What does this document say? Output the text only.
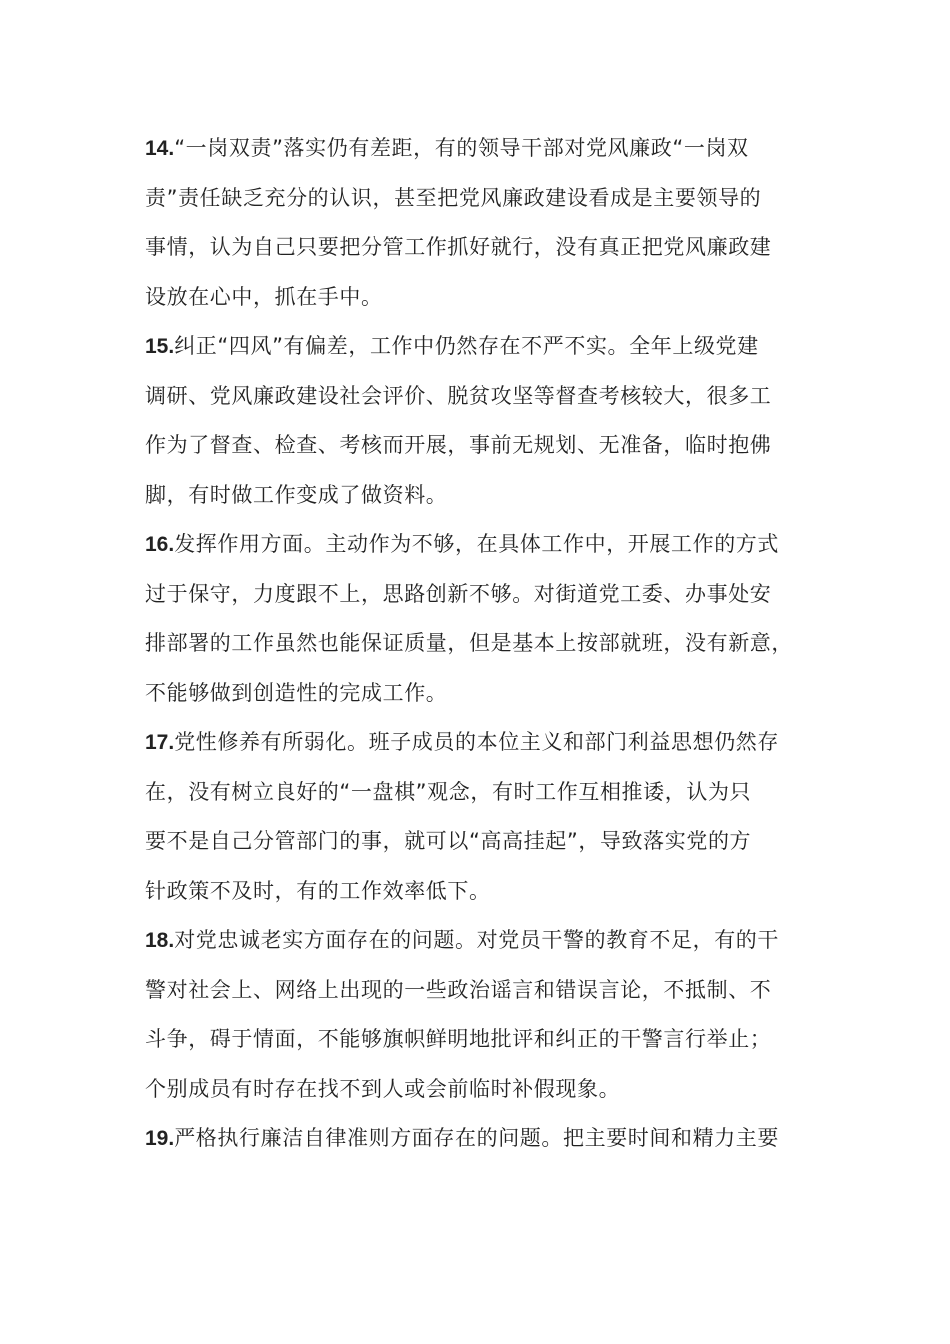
14.“一岗双责”落实仍有差距，有的领导干部对党风廉政“一岗双
责”责任缺乏充分的认识，甚至把党风廉政建设看成是主要领导的
事情，认为自己只要把分管工作抓好就行，没有真正把党风廉政建
设放在心中，抓在手中。
15.纠正“四风”有偏差，工作中仍然存在不严不实。全年上级党建
调研、党风廉政建设社会评价、脱贫攻坚等督查考核较大，很多工
作为了督查、检查、考核而开展，事前无规划、无准备，临时抱佛
脚，有时做工作变成了做资料。
16.发挥作用方面。主动作为不够，在具体工作中，开展工作的方式
过于保守，力度跟不上，思路创新不够。对街道党工委、办事处安
排部署的工作虽然也能保证质量，但是基本上按部就班，没有新意，
不能够做到创造性的完成工作。
17.党性修养有所弱化。班子成员的本位主义和部门利益思想仍然存
在，没有树立良好的“一盘棋”观念，有时工作互相推诿，认为只
要不是自己分管部门的事，就可以“高高挂起”，导致落实党的方
针政策不及时，有的工作效率低下。
18.对党忠诚老实方面存在的问题。对党员干警的教育不足，有的干
警对社会上、网络上出现的一些政治谣言和错误言论，不抵制、不
斗争，碍于情面，不能够旗帜鲜明地批评和纠正的干警言行举止；
个别成员有时存在找不到人或会前临时补假现象。
19.严格执行廉洁自律准则方面存在的问题。把主要时间和精力主要
